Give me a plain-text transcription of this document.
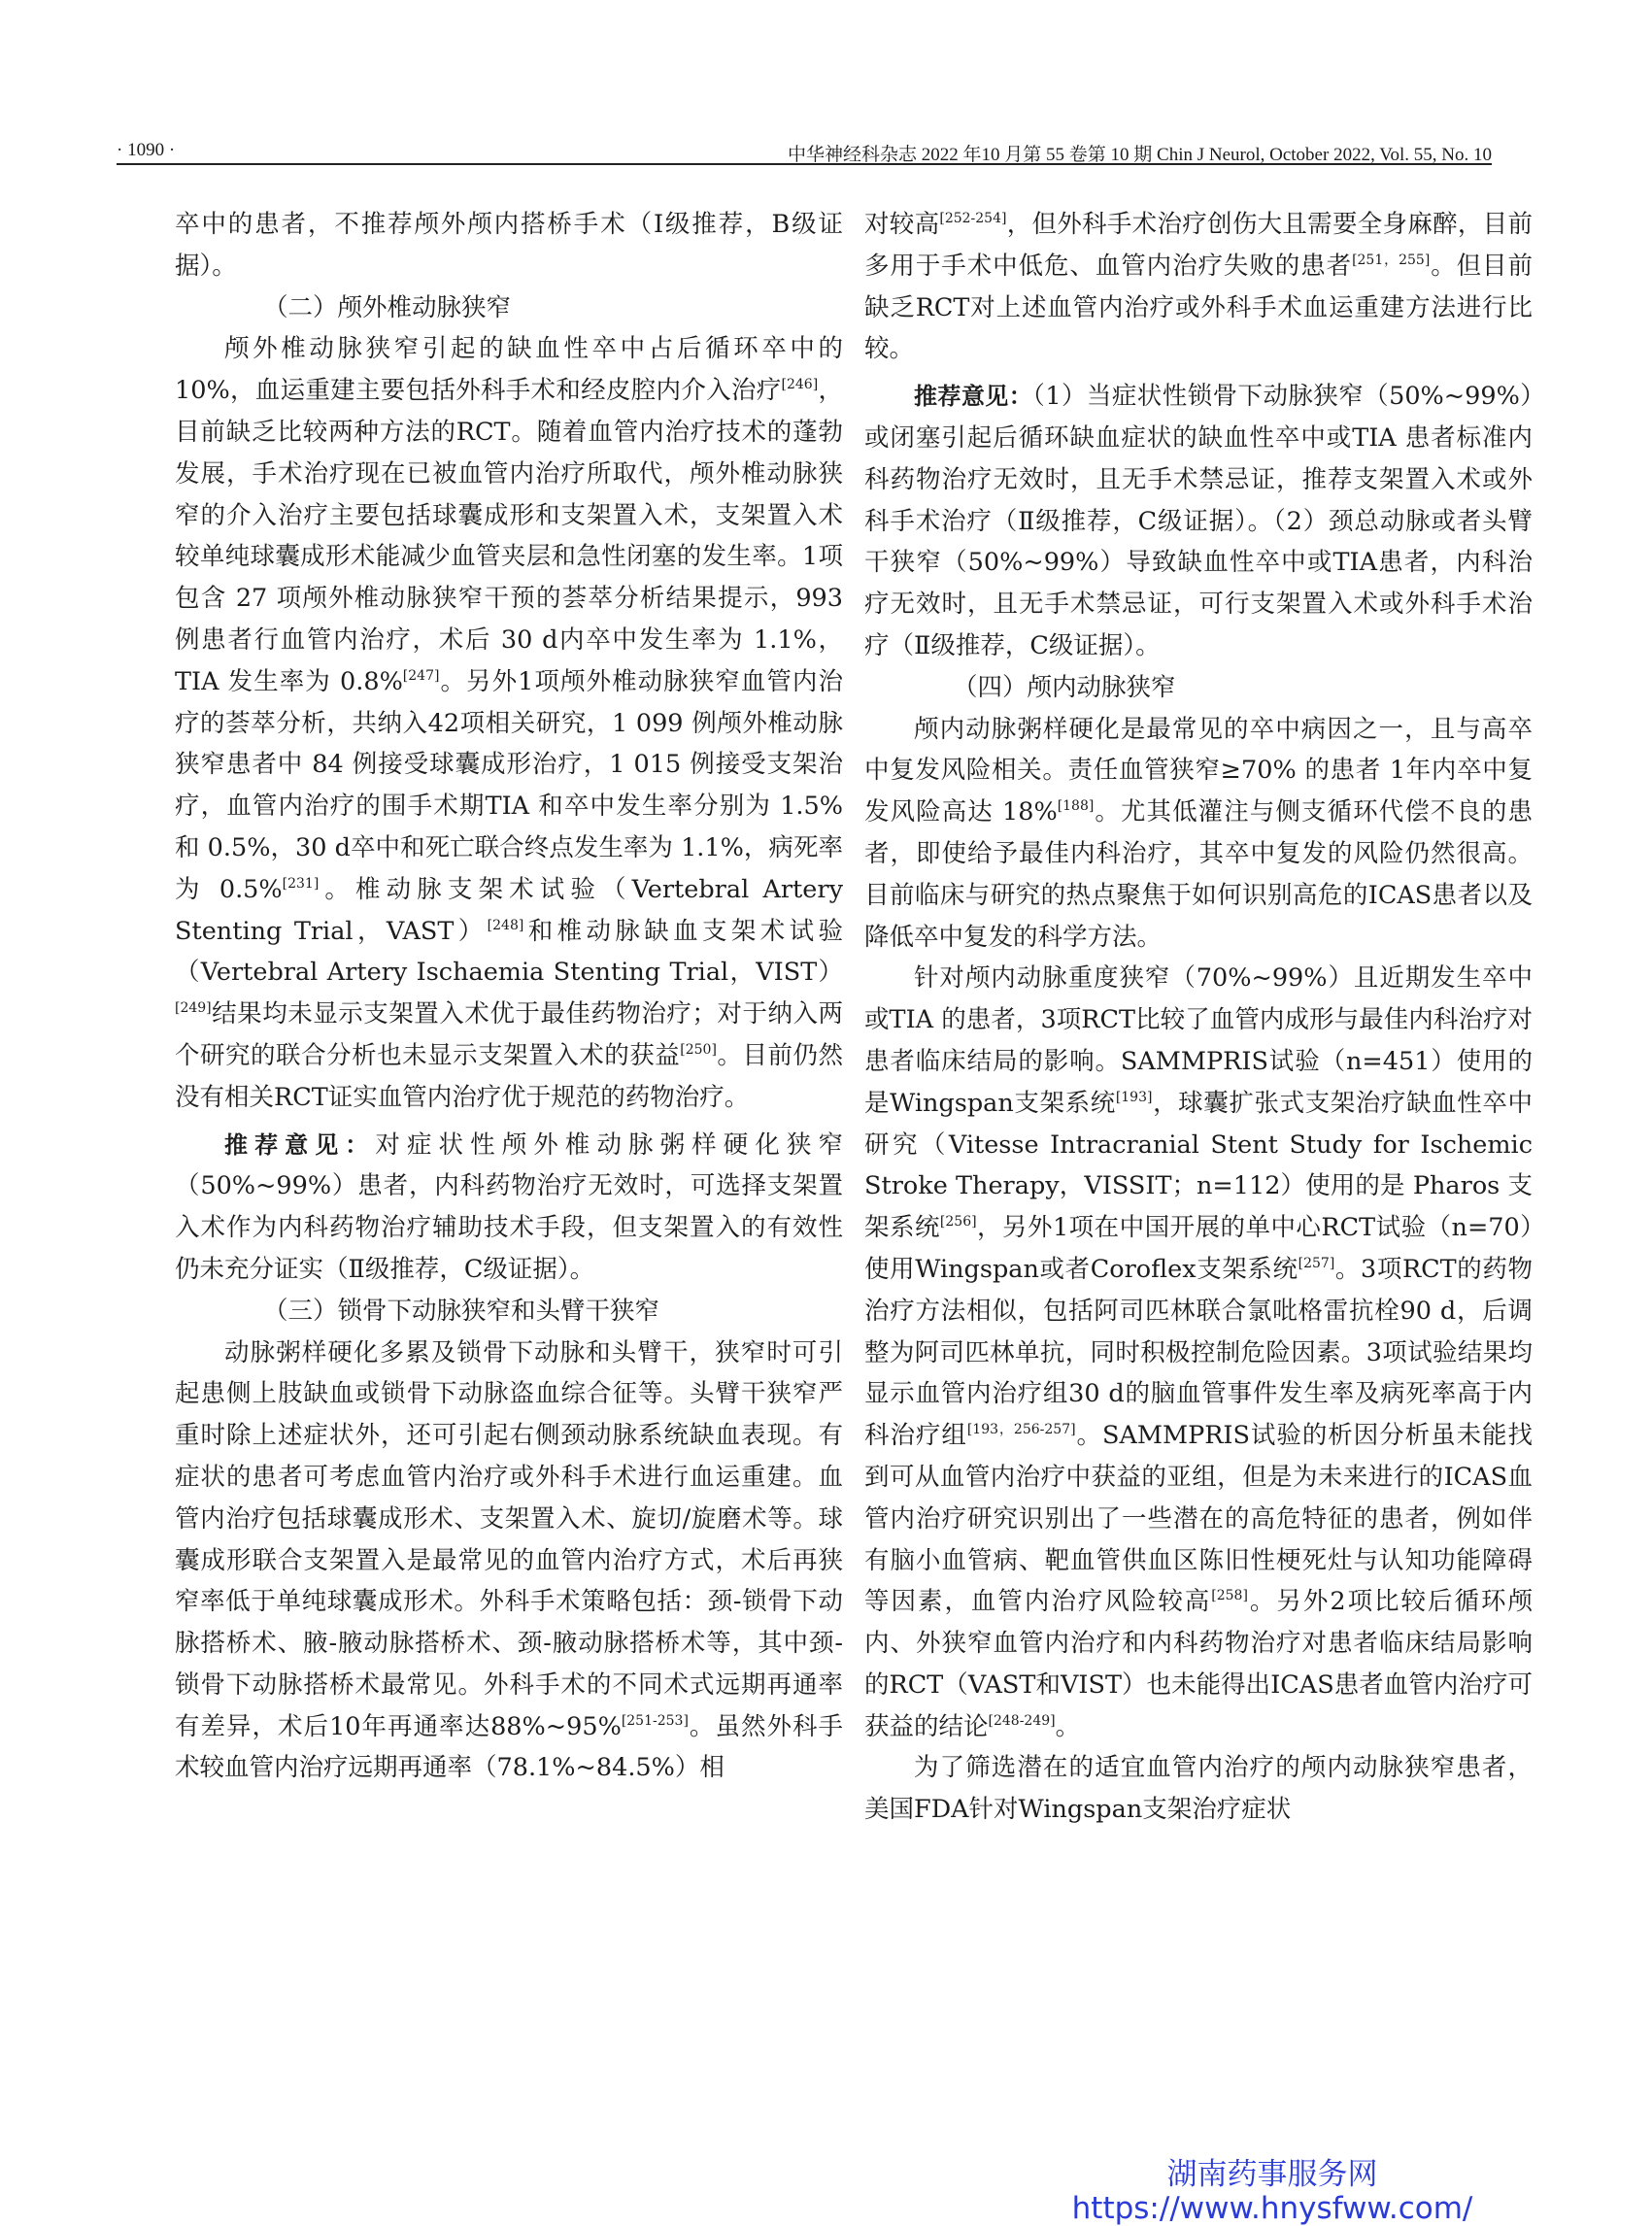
· 1090 ·	中华神经科杂志 2022 年10 月第 55 卷第 10 期 Chin J Neurol, October 2022, Vol. 55, No. 10

卒中的患者，不推荐颅外颅内搭桥手术（Ⅰ级推荐，B级证据）。

（二）颅外椎动脉狭窄

颅外椎动脉狭窄引起的缺血性卒中占后循环卒中的10%，血运重建主要包括外科手术和经皮腔内介入治疗[246]，目前缺乏比较两种方法的RCT。随着血管内治疗技术的蓬勃发展，手术治疗现在已被血管内治疗所取代，颅外椎动脉狭窄的介入治疗主要包括球囊成形和支架置入术，支架置入术较单纯球囊成形术能减少血管夹层和急性闭塞的发生率。1项包含 27 项颅外椎动脉狭窄干预的荟萃分析结果提示，993 例患者行血管内治疗，术后 30 d内卒中发生率为 1.1%，TIA 发生率为 0.8%[247]。另外1项颅外椎动脉狭窄血管内治疗的荟萃分析，共纳入42项相关研究，1 099 例颅外椎动脉狭窄患者中 84 例接受球囊成形治疗，1 015 例接受支架治疗，血管内治疗的围手术期TIA 和卒中发生率分别为 1.5% 和 0.5%，30 d卒中和死亡联合终点发生率为 1.1%，病死率为 0.5%[231]。椎动脉支架术试验（Vertebral Artery Stenting Trial，VAST）[248]和椎动脉缺血支架术试验（Vertebral Artery Ischaemia Stenting Trial，VIST）[249]结果均未显示支架置入术优于最佳药物治疗；对于纳入两个研究的联合分析也未显示支架置入术的获益[250]。目前仍然没有相关RCT证实血管内治疗优于规范的药物治疗。

推荐意见：对症状性颅外椎动脉粥样硬化狭窄（50%~99%）患者，内科药物治疗无效时，可选择支架置入术作为内科药物治疗辅助技术手段，但支架置入的有效性仍未充分证实（Ⅱ级推荐，C级证据）。

（三）锁骨下动脉狭窄和头臂干狭窄

动脉粥样硬化多累及锁骨下动脉和头臂干，狭窄时可引起患侧上肢缺血或锁骨下动脉盗血综合征等。头臂干狭窄严重时除上述症状外，还可引起右侧颈动脉系统缺血表现。有症状的患者可考虑血管内治疗或外科手术进行血运重建。血管内治疗包括球囊成形术、支架置入术、旋切/旋磨术等。球囊成形联合支架置入是最常见的血管内治疗方式，术后再狭窄率低于单纯球囊成形术。外科手术策略包括：颈-锁骨下动脉搭桥术、腋-腋动脉搭桥术、颈-腋动脉搭桥术等，其中颈-锁骨下动脉搭桥术最常见。外科手术的不同术式远期再通率有差异，术后10年再通率达88%~95%[251-253]。虽然外科手术较血管内治疗远期再通率（78.1%~84.5%）相

对较高[252-254]，但外科手术治疗创伤大且需要全身麻醉，目前多用于手术中低危、血管内治疗失败的患者[251，255]。但目前缺乏RCT对上述血管内治疗或外科手术血运重建方法进行比较。

推荐意见：（1）当症状性锁骨下动脉狭窄（50%~99%）或闭塞引起后循环缺血症状的缺血性卒中或TIA 患者标准内科药物治疗无效时，且无手术禁忌证，推荐支架置入术或外科手术治疗（Ⅱ级推荐，C级证据）。（2）颈总动脉或者头臂干狭窄（50%~99%）导致缺血性卒中或TIA患者，内科治疗无效时，且无手术禁忌证，可行支架置入术或外科手术治疗（Ⅱ级推荐，C级证据）。

（四）颅内动脉狭窄

颅内动脉粥样硬化是最常见的卒中病因之一，且与高卒中复发风险相关。责任血管狭窄≥70% 的患者 1年内卒中复发风险高达 18%[188]。尤其低灌注与侧支循环代偿不良的患者，即使给予最佳内科治疗，其卒中复发的风险仍然很高。目前临床与研究的热点聚焦于如何识别高危的ICAS患者以及降低卒中复发的科学方法。

针对颅内动脉重度狭窄（70%~99%）且近期发生卒中或TIA 的患者，3项RCT比较了血管内成形与最佳内科治疗对患者临床结局的影响。SAMMPRIS试验（n=451）使用的是Wingspan支架系统[193]，球囊扩张式支架治疗缺血性卒中研究（Vitesse Intracranial Stent Study for Ischemic Stroke Therapy，VISSIT；n=112）使用的是 Pharos 支架系统[256]，另外1项在中国开展的单中心RCT试验（n=70）使用Wingspan或者Coroflex支架系统[257]。3项RCT的药物治疗方法相似，包括阿司匹林联合氯吡格雷抗栓90 d，后调整为阿司匹林单抗，同时积极控制危险因素。3项试验结果均显示血管内治疗组30 d的脑血管事件发生率及病死率高于内科治疗组[193，256-257]。SAMMPRIS试验的析因分析虽未能找到可从血管内治疗中获益的亚组，但是为未来进行的ICAS血管内治疗研究识别出了一些潜在的高危特征的患者，例如伴有脑小血管病、靶血管供血区陈旧性梗死灶与认知功能障碍等因素，血管内治疗风险较高[258]。另外2项比较后循环颅内、外狭窄血管内治疗和内科药物治疗对患者临床结局影响的RCT（VAST和VIST）也未能得出ICAS患者血管内治疗可获益的结论[248-249]。

为了筛选潜在的适宜血管内治疗的颅内动脉狭窄患者，美国FDA针对Wingspan支架治疗症状

湖南药事服务网
https://www.hnysfww.com/
